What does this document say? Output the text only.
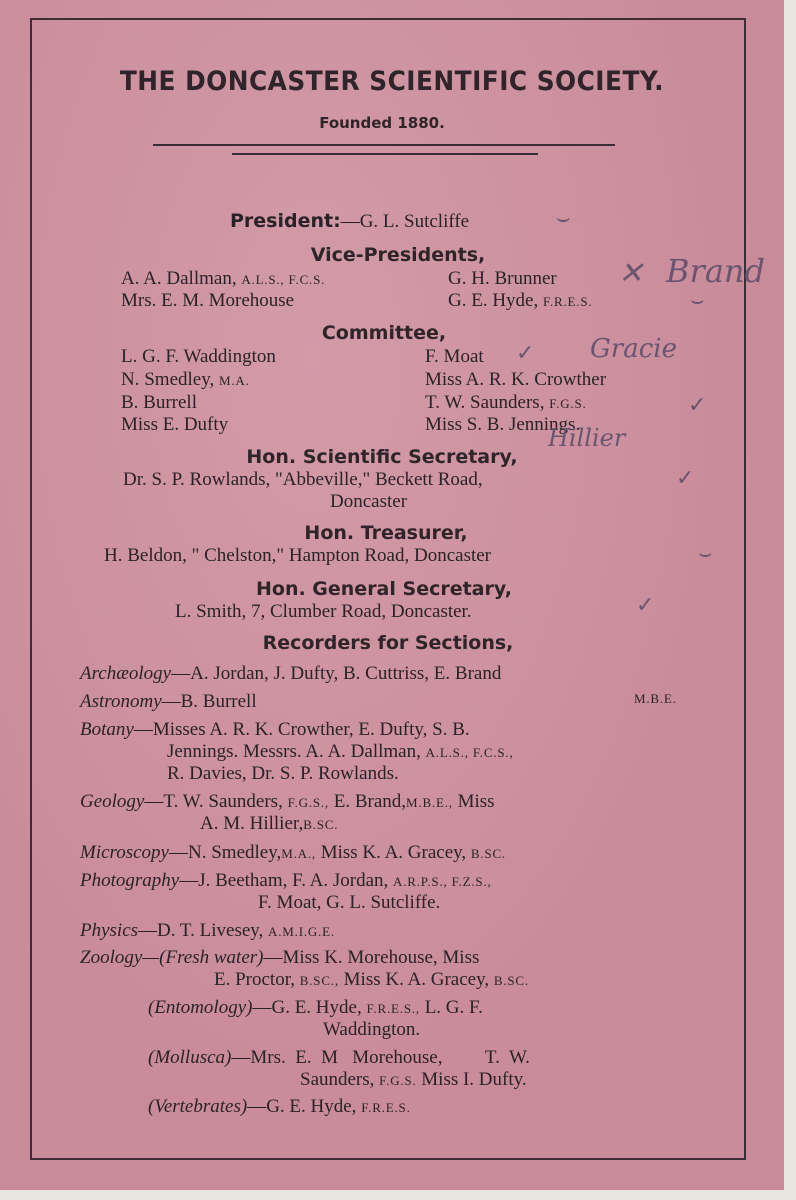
THE DONCASTER SCIENTIFIC SOCIETY.
Founded 1880.
President:—G. L. Sutcliffe	⌣
Vice-Presidents,
A. A. Dallman, A.L.S., F.C.S.	G. H. Brunner
Mrs. E. M. Morehouse	G. E. Hyde, F.R.E.S.
✕ Brand
⌣
Committee,
L. G. F. Waddington	F. Moat
N. Smedley, M.A.	Miss A. R. K. Crowther
B. Burrell	T. W. Saunders, F.G.S.
Miss E. Dufty	Miss S. B. Jennings.
✓ Gracie
✓
Hillier
Hon. Scientific Secretary,
Dr. S. P. Rowlands, "Abbeville," Beckett Road,
Doncaster
✓
Hon. Treasurer,
H. Beldon, " Chelston," Hampton Road, Doncaster	⌣
Hon. General Secretary,
L. Smith, 7, Clumber Road, Doncaster.	✓
Recorders for Sections,
Archæology—A. Jordan, J. Dufty, B. Cuttriss, E. Brand
Astronomy—B. Burrell	M.B.E.
Botany—Misses A. R. K. Crowther, E. Dufty, S. B.
Jennings. Messrs. A. A. Dallman, A.L.S., F.C.S.,
R. Davies, Dr. S. P. Rowlands.
Geology—T. W. Saunders, F.G.S., E. Brand,M.B.E., Miss
A. M. Hillier,B.SC.
Microscopy—N. Smedley,M.A., Miss K. A. Gracey, B.SC.
Photography—J. Beetham, F. A. Jordan, A.R.P.S., F.Z.S.,
F. Moat, G. L. Sutcliffe.
Physics—D. T. Livesey, A.M.I.G.E.
Zoology—(Fresh water)—Miss K. Morehouse, Miss
E. Proctor, B.SC., Miss K. A. Gracey, B.SC.
(Entomology)—G. E. Hyde, F.R.E.S., L. G. F.
Waddington.
(Mollusca)—Mrs.  E.  M   Morehouse,         T.  W.
Saunders, F.G.S. Miss I. Dufty.
(Vertebrates)—G. E. Hyde, F.R.E.S.
